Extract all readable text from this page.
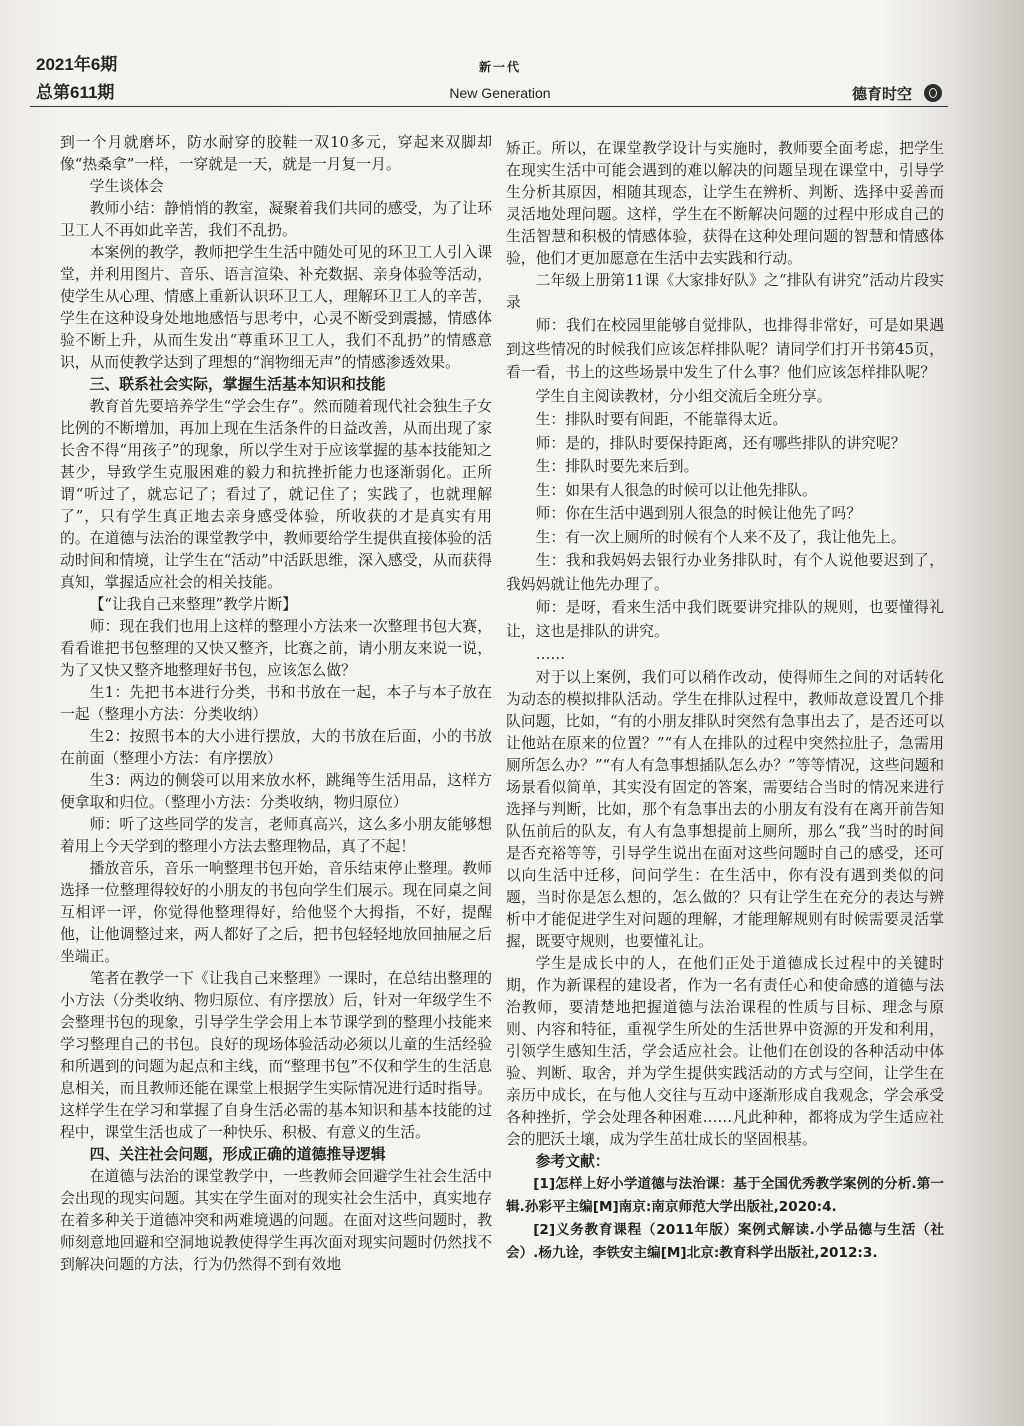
2021年6期
总第611期
新一代
New Generation	德育时空

到一个月就磨坏，防水耐穿的胶鞋一双10多元，穿起来双脚却像“热桑拿”一样，一穿就是一天，就是一月复一月。

学生谈体会

教师小结：静悄悄的教室，凝聚着我们共同的感受，为了让环卫工人不再如此辛苦，我们不乱扔。

本案例的教学，教师把学生生活中随处可见的环卫工人引入课堂，并利用图片、音乐、语言渲染、补充数据、亲身体验等活动，使学生从心理、情感上重新认识环卫工人，理解环卫工人的辛苦，学生在这种设身处地地感悟与思考中，心灵不断受到震撼，情感体验不断上升，从而生发出“尊重环卫工人，我们不乱扔”的情感意识，从而使教学达到了理想的“润物细无声”的情感渗透效果。

三、联系社会实际，掌握生活基本知识和技能

教育首先要培养学生“学会生存”。然而随着现代社会独生子女比例的不断增加，再加上现在生活条件的日益改善，从而出现了家长舍不得“用孩子”的现象，所以学生对于应该掌握的基本技能知之甚少，导致学生克服困难的毅力和抗挫折能力也逐渐弱化。正所谓“听过了，就忘记了；看过了，就记住了；实践了，也就理解了”，只有学生真正地去亲身感受体验，所收获的才是真实有用的。在道德与法治的课堂教学中，教师要给学生提供直接体验的活动时间和情境，让学生在“活动”中活跃思维，深入感受，从而获得真知，掌握适应社会的相关技能。

【“让我自己来整理”教学片断】

师：现在我们也用上这样的整理小方法来一次整理书包大赛，看看谁把书包整理的又快又整齐，比赛之前，请小朋友来说一说，为了又快又整齐地整理好书包，应该怎么做？

生1：先把书本进行分类，书和书放在一起，本子与本子放在一起（整理小方法：分类收纳）

生2：按照书本的大小进行摆放，大的书放在后面，小的书放在前面（整理小方法：有序摆放）

生3：两边的侧袋可以用来放水杯，跳绳等生活用品，这样方便拿取和归位。（整理小方法：分类收纳，物归原位）

师：听了这些同学的发言，老师真高兴，这么多小朋友能够想着用上今天学到的整理小方法去整理物品，真了不起！

播放音乐，音乐一响整理书包开始，音乐结束停止整理。教师选择一位整理得较好的小朋友的书包向学生们展示。现在同桌之间互相评一评，你觉得他整理得好，给他竖个大拇指，不好，提醒他，让他调整过来，两人都好了之后，把书包轻轻地放回抽屉之后坐端正。

笔者在教学一下《让我自己来整理》一课时，在总结出整理的小方法（分类收纳、物归原位、有序摆放）后，针对一年级学生不会整理书包的现象，引导学生学会用上本节课学到的整理小技能来学习整理自己的书包。良好的现场体验活动必须以儿童的生活经验和所遇到的问题为起点和主线，而“整理书包”不仅和学生的生活息息相关，而且教师还能在课堂上根据学生实际情况进行适时指导。这样学生在学习和掌握了自身生活必需的基本知识和基本技能的过程中，课堂生活也成了一种快乐、积极、有意义的生活。

四、关注社会问题，形成正确的道德推导逻辑

在道德与法治的课堂教学中，一些教师会回避学生社会生活中会出现的现实问题。其实在学生面对的现实社会生活中，真实地存在着多种关于道德冲突和两难境遇的问题。在面对这些问题时，教师刻意地回避和空洞地说教使得学生再次面对现实问题时仍然找不到解决问题的方法，行为仍然得不到有效地

矫正。所以，在课堂教学设计与实施时，教师要全面考虑，把学生在现实生活中可能会遇到的难以解决的问题呈现在课堂中，引导学生分析其原因，相随其现态，让学生在辨析、判断、选择中妥善而灵活地处理问题。这样，学生在不断解决问题的过程中形成自己的生活智慧和积极的情感体验，获得在这种处理问题的智慧和情感体验，他们才更加愿意在生活中去实践和行动。

二年级上册第11课《大家排好队》之“排队有讲究”活动片段实录

师：我们在校园里能够自觉排队，也排得非常好，可是如果遇到这些情况的时候我们应该怎样排队呢？请同学们打开书第45页，看一看，书上的这些场景中发生了什么事？他们应该怎样排队呢？

学生自主阅读教材，分小组交流后全班分享。

生：排队时要有间距，不能靠得太近。

师：是的，排队时要保持距离，还有哪些排队的讲究呢？

生：排队时要先来后到。

生：如果有人很急的时候可以让他先排队。

师：你在生活中遇到别人很急的时候让他先了吗？

生：有一次上厕所的时候有个人来不及了，我让他先上。

生：我和我妈妈去银行办业务排队时，有个人说他要迟到了，我妈妈就让他先办理了。

师：是呀，看来生活中我们既要讲究排队的规则，也要懂得礼让，这也是排队的讲究。

……

对于以上案例，我们可以稍作改动，使得师生之间的对话转化为动态的模拟排队活动。学生在排队过程中，教师故意设置几个排队问题，比如，“有的小朋友排队时突然有急事出去了，是否还可以让他站在原来的位置？”“有人在排队的过程中突然拉肚子，急需用厕所怎么办？”“有人有急事想插队怎么办？”等等情况，这些问题和场景看似简单，其实没有固定的答案，需要结合当时的情况来进行选择与判断，比如，那个有急事出去的小朋友有没有在离开前告知队伍前后的队友，有人有急事想提前上厕所，那么“我”当时的时间是否充裕等等，引导学生说出在面对这些问题时自己的感受，还可以向生活中迁移，问问学生：在生活中，你有没有遇到类似的问题，当时你是怎么想的，怎么做的？只有让学生在充分的表达与辨析中才能促进学生对问题的理解，才能理解规则有时候需要灵活掌握，既要守规则，也要懂礼让。

学生是成长中的人，在他们正处于道德成长过程中的关键时期，作为新课程的建设者，作为一名有责任心和使命感的道德与法治教师，要清楚地把握道德与法治课程的性质与目标、理念与原则、内容和特征，重视学生所处的生活世界中资源的开发和利用，引领学生感知生活，学会适应社会。让他们在创设的各种活动中体验、判断、取舍，并为学生提供实践活动的方式与空间，让学生在亲历中成长，在与他人交往与互动中逐渐形成自我观念，学会承受各种挫折，学会处理各种困难……凡此种种，都将成为学生适应社会的肥沃土壤，成为学生茁壮成长的坚固根基。

参考文献：

[1]怎样上好小学道德与法治课：基于全国优秀教学案例的分析.第一辑.孙彩平主编[M]南京:南京师范大学出版社,2020:4.

[2]义务教育课程（2011年版）案例式解读.小学品德与生活（社会）.杨九诠，李铁安主编[M]北京:教育科学出版社,2012:3.
